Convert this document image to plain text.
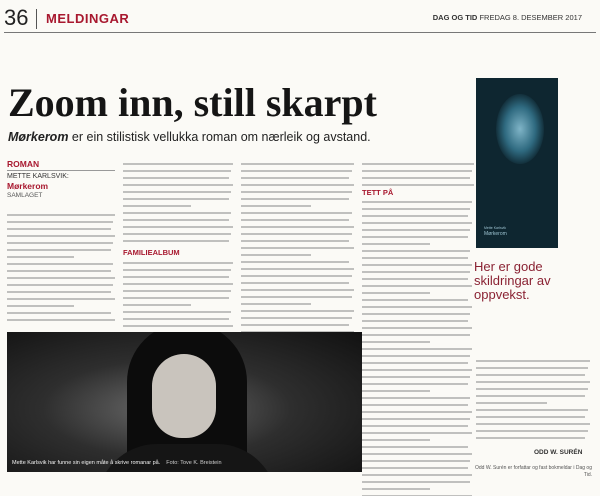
36 MELDINGAR	DAG OG TID FREDAG 8. DESEMBER 2017
Zoom inn, still skarpt
Mørkerom er ein stilistisk vellukka roman om nærleik og avstand.
ROMAN
METTE KARLSVIK:
Mørkerom
SAMLAGET
FAMILIEALBUM
TETT PÅ
Mette Karlsvik har funne sin eigen måte å skrive romanar på. Foto: Tove K. Breistein
Mette Karlsvik
Mørkerom
Her er gode skildringar av oppvekst.
ODD W. SURÉN
Odd W. Surén er forfattar og fast bokmeldar i Dag og Tid.
